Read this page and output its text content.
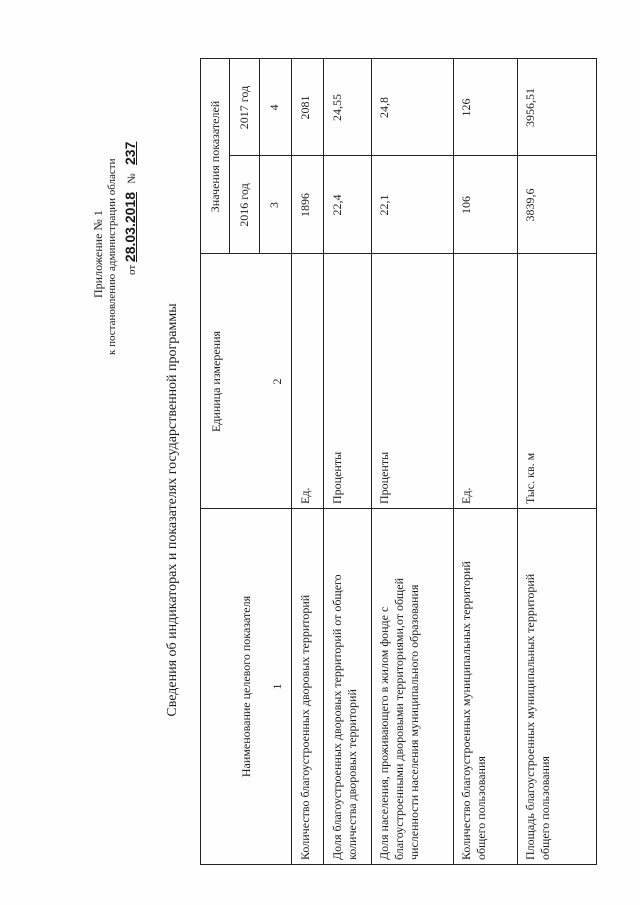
Приложение № 1 к постановлению администрации области от 28.03.2018   №   237
Сведения об индикаторах и показателях государственной программы	Наименование целевого показателя
Единица измерения
Значения показателей 2016 год
2017 год
1
2
3
4
Количество благоустроенных дворовых территорий
Ед.
1896
2081
Доля благоустроенных дворовых территорий от общего количества дворовых территорий
Проценты
22,4
24,55
Доля населения, проживающего в жилом фонде с благоустроенными дворовыми территориями,от общей численности населения муниципального образования
Проценты
22,1
24,8
Количество благоустроенных муниципальных территорий общего пользования
Ед.
106
126
Площадь благоустроенных муниципальных территорий общего пользования
Тыс. кв. м
3839,6
3956,51
